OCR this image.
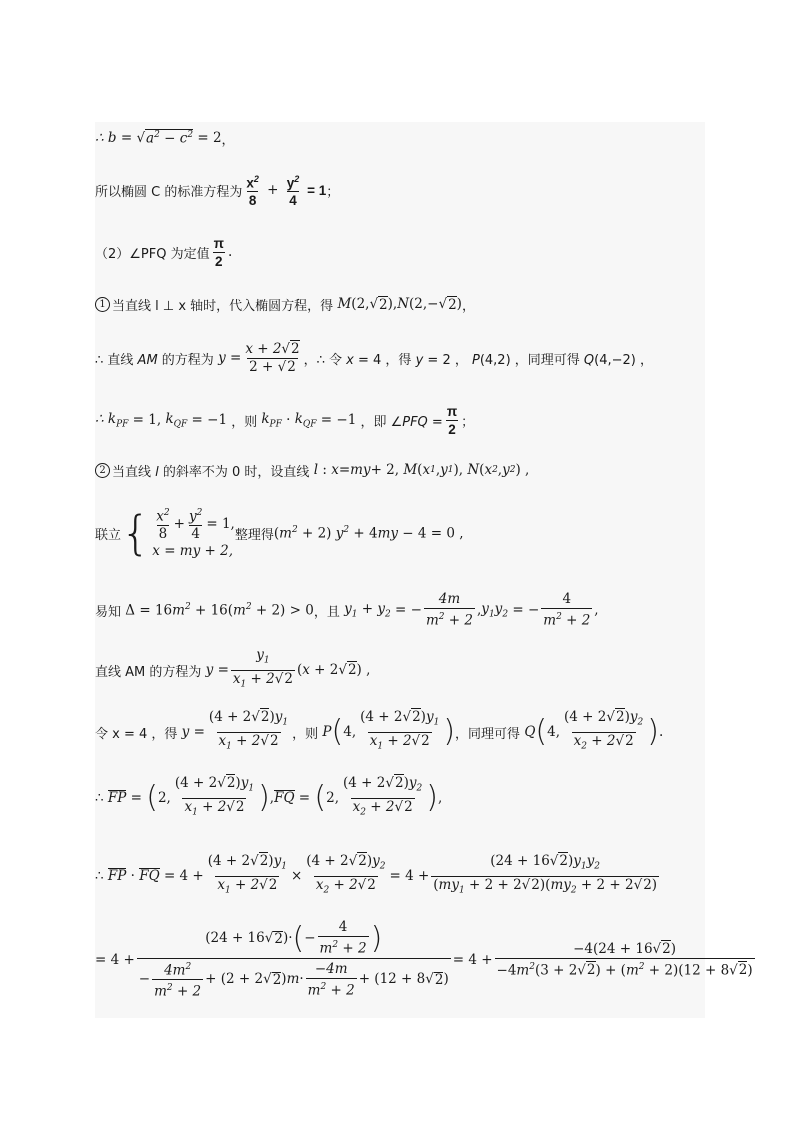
∴ b = √ $a^2 - c^2 = 2$ ，
所以椭圆 C 的标准方程为 $\frac{x^2}{8} + \frac{y^2}{4} = 1$ ；
（2）∠PFQ 为定值 $\frac{\pi}{2}$ .
1 当直线 l ⊥ x 轴时，代入椭圆方程，得 M (2,√ 2 ), N (2,−√ 2 ) ，
∴ 直线 AM 的方程为 $y = \frac{x + 2√2}{2 + √2}$ ，∴ 令 x = 4 ，得 y = 2 ， P(4,2) ，同理可得 Q(4,−2) ，
∴ $k_{PF} = 1$, $k_{QF} = -1$ ，则 $k_{PF} \cdot k_{QF} = -1$ ，即 ∠PFQ = $\frac{\pi}{2}$ ；
2 当直线 l 的斜率不为 0 时，设直线 l : x = my + 2, M ( x 1 , y 1 ), N ( x 2 , y 2 ) ,
联立 { $\frac{x^2}{8} + \frac{y^2}{4} = 1$,
x = my + 2,
整理得 $(m^2 + 2) y^2 + 4my - 4 = 0$ ,
易知 $\Delta = 16m^2 + 16(m^2 + 2) > 0$ ，且 $y_1 + y_2$ = − $\frac{4m}{m^2 + 2}$ , $y_1y_2$ = − $\frac{4}{m^2 + 2}$ ,
直线 AM 的方程为 $y = \frac{y_1}{x_1 + 2√2} (x + 2√2)$ ,
令 x = 4 ，得 $y = \frac{(4 + 2√2)y_1}{x_1 + 2√2}$ ，则 P ( 4, $\frac{(4 + 2√2)y_1}{x_1 + 2√2}$ ) ，同理可得 Q ( 4, $\frac{(4 + 2√2)y_2}{x_2 + 2√2}$ ) .
∴ FP = ( 2, $\frac{(4 + 2√2)y_1}{x_1 + 2√2}$ ) , FQ = ( 2, $\frac{(4 + 2√2)y_2}{x_2 + 2√2}$ ) ,
∴ FP · FQ = $4 + \frac{(4 + 2√2)y_1}{x_1 + 2√2} \times \frac{(4 + 2√2)y_2}{x_2 + 2√2} = 4 + \frac{(24 + 16√2)y_1y_2}{(my_1 + 2 + 2√2)(my_2 + 2 + 2√2)}$
= $4 + \frac{(24 + 16√ 2 )\cdot ( - \frac{4}{m^2 + 2} )}{- \frac{4m^2}{m^2 + 2} + (2 + 2√ 2 ) m \cdot \frac{-4m}{m^2 + 2} + (12 + 8√ 2 )} = 4 + \frac{-4(24 + 16√2)}{-4m^2(3 + 2√2) + (m^2 + 2)(12 + 8√2)}$
